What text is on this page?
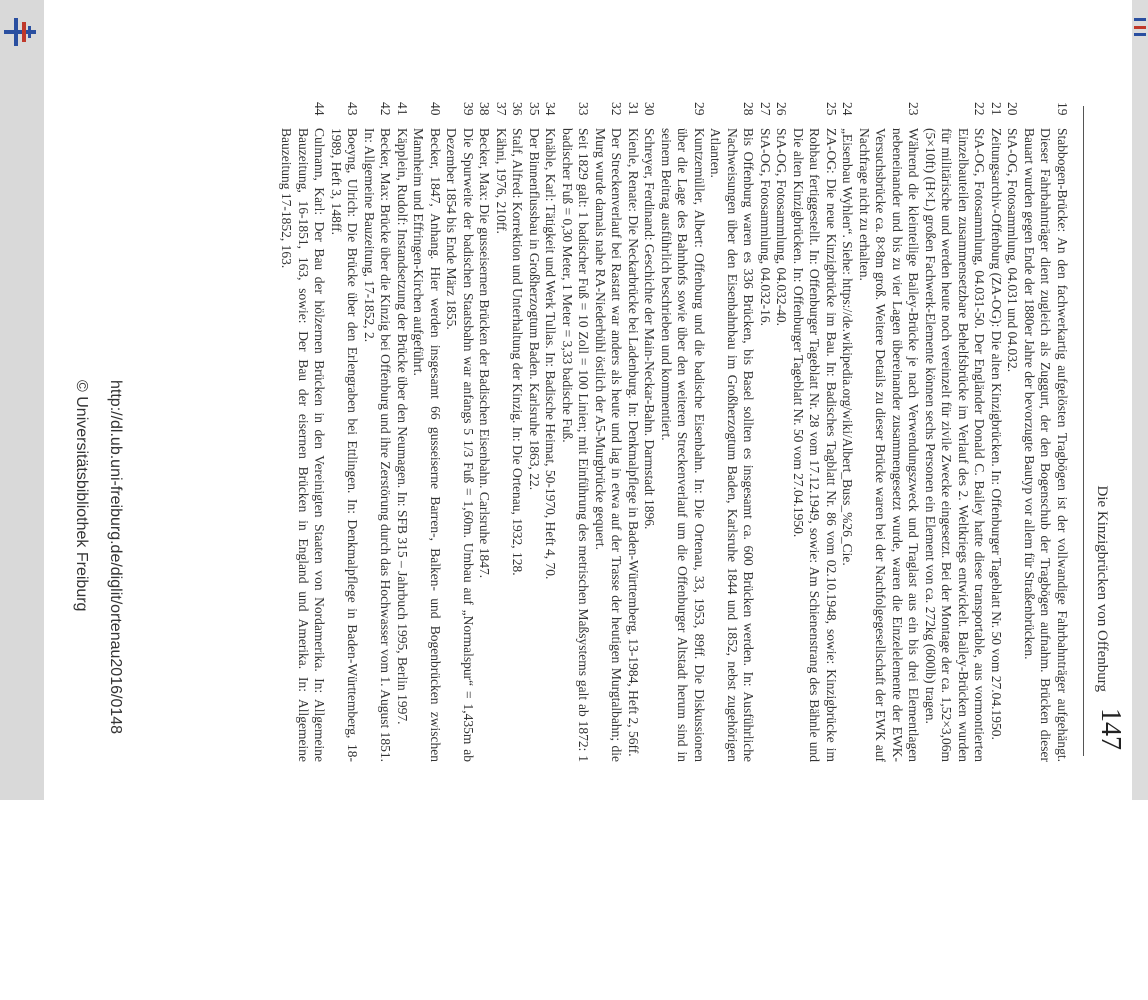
Die Kinzigbrücken von Offenburg
147
19
Stabbogen-Brücke: An den fachwerkartig aufgelösten Tragbögen ist der vollwandige Fahrbahnträger aufgehängt. Dieser Fahrbahnträger dient zugleich als Zuggurt, der den Bogenschub der Tragbögen aufnahm. Brücken dieser Bauart wurden gegen Ende der 1880er Jahre der bevorzugte Bautyp vor allem für Straßenbrücken.
20
StA-OG, Fotosammlung, 04.031 und 04.032.
21
Zeitungsarchiv-Offenburg (ZA-OG): Die alten Kinzigbrücken. In: Offenburger Tageblatt Nr. 50 vom 27.04.1950.
22
StA-OG, Fotosammlung, 04.031-50. Der Engländer Donald C. Bailey hatte diese transportable, aus vormontierten Einzelbauteilen zusammensetzbare Behelfsbrücke im Verlauf des 2. Weltkriegs entwickelt. Bailey-Brücken wurden für militärische und werden heute noch vereinzelt für zivile Zwecke eingesetzt. Bei der Montage der ca. 1,52×3,06m (5×10ft) (H×L) großen Fachwerk-Elemente können sechs Personen ein Element von ca. 272kg (600lb) tragen.
23
Während die kleinteilige Bailey-Brücke je nach Verwendungszweck und Traglast aus ein bis drei Elementlagen nebeneinander und bis zu vier Lagen übereinander zusammengesetzt wurde, waren die Einzelelemente der EWK-Versuchsbrücke ca. 8×8m groß. Weitere Details zu dieser Brücke waren bei der Nachfolgegesellschaft der EWK auf Nachfrage nicht zu erhalten.
24
„Eisenbau Wyhlen“. Siehe: https://de.wikipedia.org/wiki/Albert_Buss_%26_Cie.
25
ZA-OG: Die neue Kinzigbrücke im Bau. In: Badisches Tagblatt Nr. 86 vom 02.10.1948, sowie: Kinzigbrücke im Rohbau fertiggestellt. In: Offenburger Tageblatt Nr. 28 vom 17.12.1949, sowie: Am Schienenstrang des Bähnle und Die alten Kinzigbrücken. In: Offenburger Tageblatt Nr. 50 vom 27.04.1950.
26
StA-OG, Fotosammlung, 04.032-40.
27
StA-OG, Fotosammlung, 04.032-16.
28
Bis Offenburg waren es 336 Brücken, bis Basel sollten es insgesamt ca. 600 Brücken werden. In: Ausführliche Nachweisungen über den Eisenbahnbau im Großherzogtum Baden, Karlsruhe 1844 und 1852, nebst zugehörigen Atlanten.
29
Kuntzemüller, Albert: Offenburg und die badische Eisenbahn. In: Die Ortenau, 33, 1953, 89ff. Die Diskussionen über die Lage des Bahnhofs sowie über den weiteren Streckenverlauf um die Offenburger Altstadt herum sind in seinem Beitrag ausführlich beschrieben und kommentiert.
30
Schreyer, Ferdinand: Geschichte der Main-Neckar-Bahn. Darmstadt 1896.
31
Kienle, Renate: Die Neckarbrücke bei Ladenburg. In: Denkmalpflege in Baden-Württemberg, 13-1984, Heft 2, 56ff.
32
Der Streckenverlauf bei Rastatt war anders als heute und lag in etwa auf der Trasse der heutigen Murgtalbahn; die Murg wurde damals nahe RA-Niederbühl östlich der A5-Murgbrücke gequert.
33
Seit 1829 galt: 1 badischer Fuß = 10 Zoll = 100 Linien; mit Einführung des metrischen Maßsystems galt ab 1872: 1 badischer Fuß = 0,30 Meter, 1 Meter = 3,33 badische Fuß.
34
Knäble, Karl: Tätigkeit und Werk Tullas. In: Badische Heimat, 50-1970, Heft 4, 70.
35
Der Binnenflussbau in Großherzogtum Baden. Karlsruhe 1863, 22.
36
Stalf, Alfred: Korrektion und Unterhaltung der Kinzig. In: Die Ortenau, 1932, 128.
37
Kähni, 1976, 210ff.
38
Becker, Max: Die gusseisernen Brücken der Badischen Eisenbahn. Carlsruhe 1847.
39
Die Spurweite der badischen Staatsbahn war anfangs 5 1/3 Fuß = 1,60m. Umbau auf „Normalspur“ = 1,435m ab Dezember 1854 bis Ende März 1855.
40
Becker, 1847, Anhang. Hier werden insgesamt 66 gusseiserne Barren-, Balken- und Bogenbrücken zwischen Mannheim und Effringen-Kirchen aufgeführt.
41
Käpplein, Rudolf: Instandsetzung der Brücke über den Neumagen. In: SFB 315 – Jahrbuch 1995, Berlin 1997.
42
Becker, Max: Brücke über die Kinzig bei Offenburg und ihre Zerstörung durch das Hochwasser vom 1. August 1851. In: Allgemeine Bauzeitung, 17-1852, 2.
43
Boeyng, Ulrich: Die Brücke über den Erlengraben bei Ettlingen. In: Denkmalpflege in Baden-Württemberg, 18-1989, Heft 3, 148ff.
44
Culmann, Karl: Der Bau der hölzernen Brücken in den Vereinigten Staaten von Nordamerika. In: Allgemeine Bauzeitung, 16-1851, 163, sowie: Der Bau der eisernen Brücken in England und Amerika. In: Allgemeine Bauzeitung 17-1852, 163.
http://dl.ub.uni-freiburg.de/diglit/ortenau2016/0148
© Universitätsbibliothek Freiburg
